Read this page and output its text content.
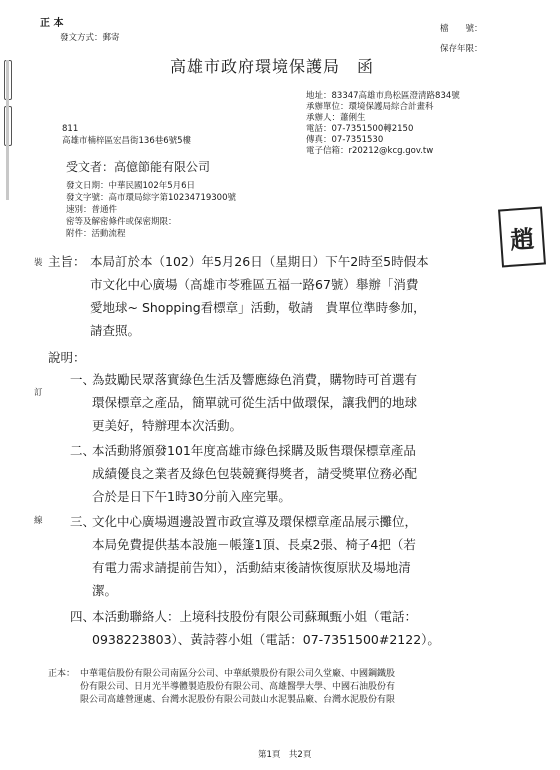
正 本
發文方式：郵寄
檔　　號：
保存年限：
高雄市政府環境保護局　函
地址：83347高雄市鳥松區澄清路834號
承辦單位：環境保護局綜合計畫科
承辦人：蕭俐生
電話：07-7351500轉2150
傳真：07-7351530
電子信箱：r20212@kcg.gov.tw
811
高雄市楠梓區宏昌街136巷6號5樓
受文者：高億節能有限公司
發文日期：中華民國102年5月6日
發文字號：高市環局綜字第10234719300號
速別：普通件
密等及解密條件或保密期限：
附件：活動流程	趙
裝
訂
線
主旨： 本局訂於本（102）年5月26日（星期日）下午2時至5時假本
市文化中心廣場（高雄市苓雅區五福一路67號）舉辦「消費
愛地球~ Shopping看標章」活動，敬請　貴單位準時參加，
請查照。
說明：
一、
為鼓勵民眾落實綠色生活及響應綠色消費，購物時可首選有
環保標章之產品，簡單就可從生活中做環保，讓我們的地球
更美好，特辦理本次活動。
二、
本活動將頒發101年度高雄市綠色採購及販售環保標章產品
成績優良之業者及綠色包裝競賽得獎者，請受獎單位務必配
合於是日下午1時30分前入座完畢。
三、
文化中心廣場週邊設置市政宣導及環保標章產品展示攤位，
本局免費提供基本設施－帳篷1頂、長桌2張、椅子4把（若
有電力需求請提前告知），活動結束後請恢復原狀及場地清
潔。
四、
本活動聯絡人：上境科技股份有限公司蘇珮甄小姐（電話：
0938223803）、黃詩蓉小姐（電話：07-7351500#2122）。
正本： 中華電信股份有限公司南區分公司、中華紙漿股份有限公司久堂廠、中國鋼鐵股
份有限公司、日月光半導體製造股份有限公司、高雄醫學大學、中國石油股份有
限公司高雄營運處、台灣水泥股份有限公司鼓山水泥製品廠、台灣水泥股份有限
第1頁　共2頁
